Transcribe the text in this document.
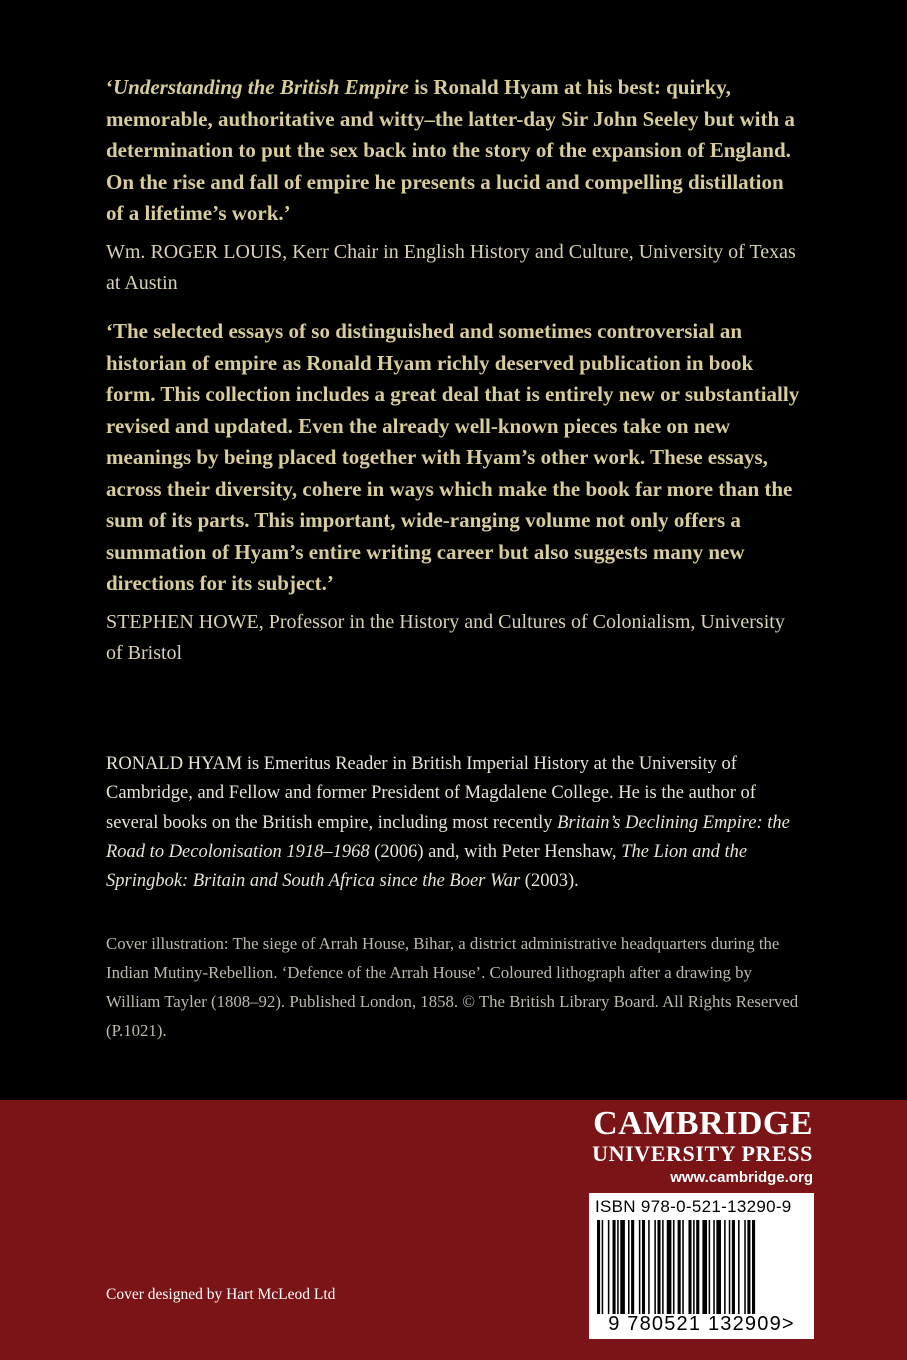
‘Understanding the British Empire is Ronald Hyam at his best: quirky, memorable, authoritative and witty–the latter-day Sir John Seeley but with a determination to put the sex back into the story of the expansion of England. On the rise and fall of empire he presents a lucid and compelling distillation of a lifetime’s work.’

Wm. ROGER LOUIS, Kerr Chair in English History and Culture, University of Texas at Austin

‘The selected essays of so distinguished and sometimes controversial an historian of empire as Ronald Hyam richly deserved publication in book form. This collection includes a great deal that is entirely new or substantially revised and updated. Even the already well-known pieces take on new meanings by being placed together with Hyam’s other work. These essays, across their diversity, cohere in ways which make the book far more than the sum of its parts. This important, wide-ranging volume not only offers a summation of Hyam’s entire writing career but also suggests many new directions for its subject.’

STEPHEN HOWE, Professor in the History and Cultures of Colonialism, University of Bristol
RONALD HYAM is Emeritus Reader in British Imperial History at the University of Cambridge, and Fellow and former President of Magdalene College. He is the author of several books on the British empire, including most recently Britain’s Declining Empire: the Road to Decolonisation 1918–1968 (2006) and, with Peter Henshaw, The Lion and the Springbok: Britain and South Africa since the Boer War (2003).
Cover illustration: The siege of Arrah House, Bihar, a district administrative headquarters during the Indian Mutiny-Rebellion. ‘Defence of the Arrah House’. Coloured lithograph after a drawing by William Tayler (1808–92). Published London, 1858. © The British Library Board. All Rights Reserved (P.1021).
CAMBRIDGE
UNIVERSITY PRESS
www.cambridge.org
ISBN 978-0-521-13290-9
9 780521 132909>
Cover designed by Hart McLeod Ltd
